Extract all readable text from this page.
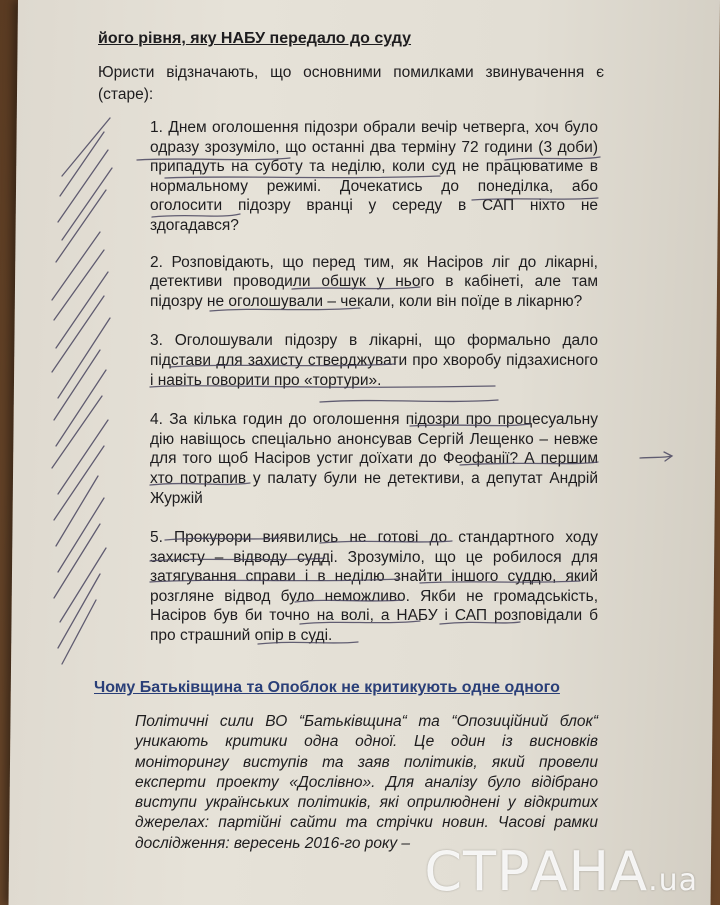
його рівня, яку НАБУ передало до суду
Юристи відзначають, що основними помилками звинувачення є (старе):

1. Днем оголошення підозри обрали вечір четверга, хоч було одразу зрозуміло, що останні два терміну 72 години (3 доби) припадуть на суботу та неділю, коли суд не працюватиме в нормальному режимі. Дочекатись до понеділка, або оголосити підозру вранці у середу в САП ніхто не здогадався?

2. Розповідають, що перед тим, як Насіров ліг до лікарні, детективи проводили обшук у нього в кабінеті, але там підозру не оголошували – чекали, коли він поїде в лікарню?

3. Оголошували підозру в лікарні, що формально дало підстави для захисту стверджувати про хворобу підзахисного і навіть говорити про «тортури».

4. За кілька годин до оголошення підозри про процесуальну дію навіщось спеціально анонсував Сергій Лещенко – невже для того щоб Насіров устиг доїхати до Феофанії? А першим хто потрапив у палату були не детективи, а депутат Андрій Журжій

5. Прокурори виявились не готові до стандартного ходу захисту – відводу судді. Зрозуміло, що це робилося для затягування справи і в неділю знайти іншого суддю, який розгляне відвод було неможливо. Якби не громадськість, Насіров був би точно на волі, а НАБУ і САП розповідали б про страшний опір в суді.

Чому Батьківщина та Опоблок не критикують одне одного
Політичні сили ВО “Батьківщина“ та “Опозиційний блок“ уникають критики одна одної. Це один із висновків моніторингу виступів та заяв політиків, який провели експерти проекту «Дослівно». Для аналізу було відібрано виступи українських політиків, які оприлюднені у відкритих джерелах: партійні сайти та стрічки новин. Часові рамки дослідження: вересень 2016-го року – СТРАНА.ua
